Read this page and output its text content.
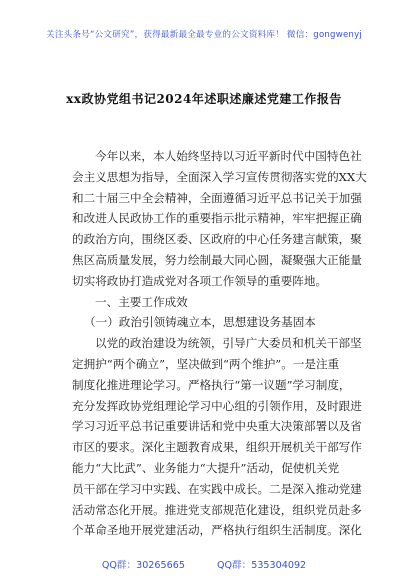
关注头条号“公文研究”，获得最新最全最专业的公文资料库！ 微信：gongwenyj
xx政协党组书记2024年述职述廉述党建工作报告
今年以来，本人始终坚持以习近平新时代中国特色社
会主义思想为指导，全面深入学习宣传贯彻落实党的XX大
和二十届三中全会精神，全面遵循习近平总书记关于加强
和改进人民政协工作的重要指示批示精神，牢牢把握正确
的政治方向，围绕区委、区政府的中心任务建言献策，聚
焦区高质量发展，努力绘制最大同心圆，凝聚强大正能量
切实将政协打造成党对各项工作领导的重要阵地。
一、主要工作成效
（一）政治引领铸魂立本，思想建设务基固本
以党的政治建设为统领，引导广大委员和机关干部坚
定拥护“两个确立”，坚决做到“两个维护”。一是注重
制度化推进理论学习。严格执行“第一议题”学习制度，
充分发挥政协党组理论学习中心组的引领作用，及时跟进
学习习近平总书记重要讲话和党中央重大决策部署以及省
市区的要求。深化主题教育成果，组织开展机关干部写作
能力“大比武”、业务能力“大提升”活动，促使机关党
员干部在学习中实践、在实践中成长。二是深入推动党建
活动常态化开展。推进党支部规范化建设，组织党员赴多
个革命圣地开展党建活动，严格执行组织生活制度。深化
QQ群：30265665	QQ群：535304092
